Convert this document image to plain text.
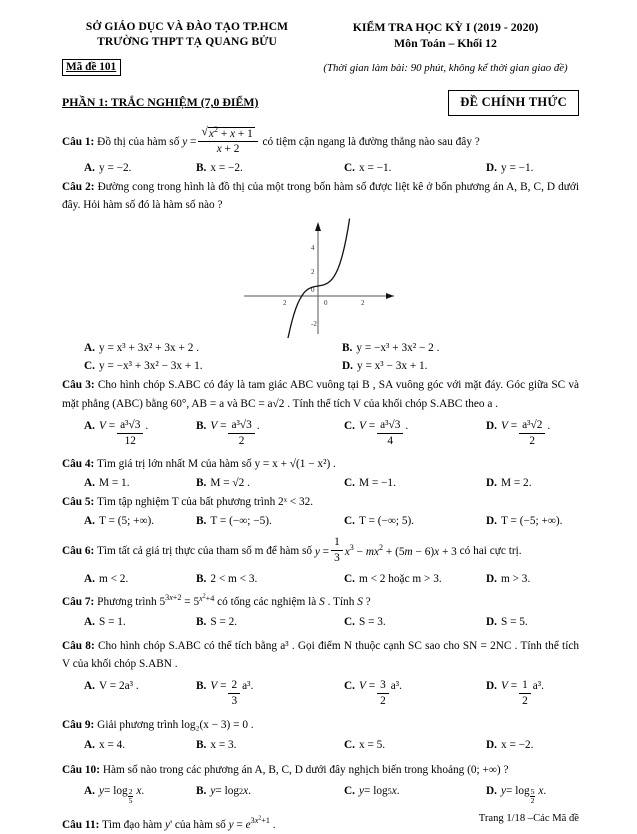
SỞ GIÁO DỤC VÀ ĐÀO TẠO TP.HCM
TRƯỜNG THPT TẠ QUANG BỬU
KIỂM TRA HỌC KỲ I (2019 - 2020)
Môn Toán – Khối 12
Mã đề 101	(Thời gian làm bài: 90 phút, không kể thời gian giao đề)
PHẦN 1: TRẮC NGHIỆM (7,0 ĐIỂM)	ĐỀ CHÍNH THỨC
Câu 1: Đồ thị của hàm số $y = \frac{√ x^2 + x + 1}{x + 2}$ có tiệm cận ngang là đường thẳng nào sau đây ?
A. y = −2.	B. x = −2.	C. x = −1.	D. y = −1.
Câu 2: Đường cong trong hình là đồ thị của một trong bốn hàm số được liệt kê ở bốn phương án A, B, C, D dưới đây. Hỏi hàm số đó là hàm số nào ?
4
2
0
-2
0	2
2
A. y = x³ + 3x² + 3x + 2 .	B. y = −x³ + 3x² − 2 .
C. y = −x³ + 3x² − 3x + 1.	D. y = x³ − 3x + 1.
Câu 3: Cho hình chóp S.ABC có đáy là tam giác ABC vuông tại B , SA vuông góc với mặt đáy. Góc giữa SC và mặt phẳng (ABC) bằng 60°, AB = a và BC = a√2 . Tính thể tích V của khối chóp S.ABC theo a .
A. $V = \frac{\text{a³√3}}{12}$ .	B. $V = \frac{\text{a³√3}}{2}$ .	C. $V = \frac{\text{a³√3}}{4}$ .	D. $V = \frac{\text{a³√2}}{2}$ .
Câu 4: Tìm giá trị lớn nhất M của hàm số y = x + √(1 − x²) .
A. M = 1.	B. M = √2 .	C. M = −1.	D. M = 2.
Câu 5: Tìm tập nghiệm T của bất phương trình 2ˣ < 32.
A. T = (5; +∞).	B. T = (−∞; −5).	C. T = (−∞; 5).	D. T = (−5; +∞).
Câu 6: Tìm tất cả giá trị thực của tham số m để hàm số $y = \frac{1}{3} x^3 - mx^2 + (5m - 6)x + 3$ có hai cực trị.
A. m < 2.	B. 2 < m < 3.	C. m < 2 hoặc m > 3.	D. m > 3.
Câu 7: Phương trình $5^{3x+2} = 5^{x^2+4}$ có tổng các nghiệm là S . Tính S ?
A. S = 1.	B. S = 2.	C. S = 3.	D. S = 5.
Câu 8: Cho hình chóp S.ABC có thể tích bằng a³ . Gọi điểm N thuộc cạnh SC sao cho SN = 2NC . Tính thể tích V của khối chóp S.ABN .
A. V = 2a³ .	B. $V = \frac{2}{3} a^3$.	C. $V = \frac{3}{2} a^3$.	D. $V = \frac{1}{2} a^3$.
Câu 9: Giải phương trình log₂(x − 3) = 0 .
A. x = 4.	B. x = 3.	C. x = 5.	D. x = −2.
Câu 10: Hàm số nào trong các phương án A, B, C, D dưới đây nghịch biến trong khoảng (0; +∞) ?
A. $y = \log \frac{2}{5}$
x .	B. y = log 2 x .	C. y = log 5 x .	D. $y = \log \frac{5}{2}$
x .
Câu 11: Tìm đạo hàm y' của hàm số $y = e^{3x^2+1}$ .
Trang 1/18 –Các Mã đề
